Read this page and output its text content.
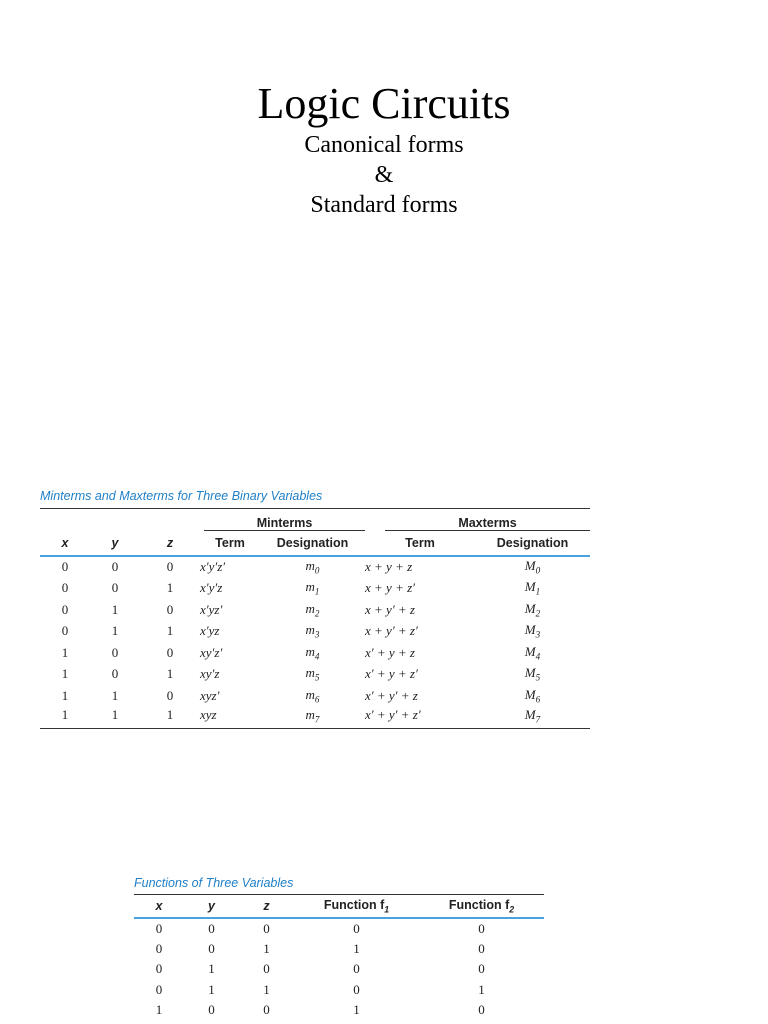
Logic Circuits
Canonical forms
&
Standard forms
Minterms and Maxterms for Three Binary Variables

			Minterms		Maxterms	

x	y	z	Term	Designation	Term	Designation
0	0	0	x′y′z′	$m_0$	x + y + z	$M_0$
0	0	1	x′y′z	$m_1$	x + y + z′	$M_1$
0	1	0	x′yz′	$m_2$	x + y′ + z	$M_2$
0	1	1	x′yz	$m_3$	x + y′ + z′	$M_3$
1	0	0	xy′z′	$m_4$	x′ + y + z	$M_4$
1	0	1	xy′z	$m_5$	x′ + y + z′	$M_5$
1	1	0	xyz′	$m_6$	x′ + y′ + z	$M_6$
1	1	1	xyz	$m_7$	x′ + y′ + z′	$M_7$
Functions of Three Variables
x	y	z	Function $f_1$	Function $f_2$
0	0	0	0	0
0	0	1	1	0
0	1	0	0	0
0	1	1	0	1
1	0	0	1	0
